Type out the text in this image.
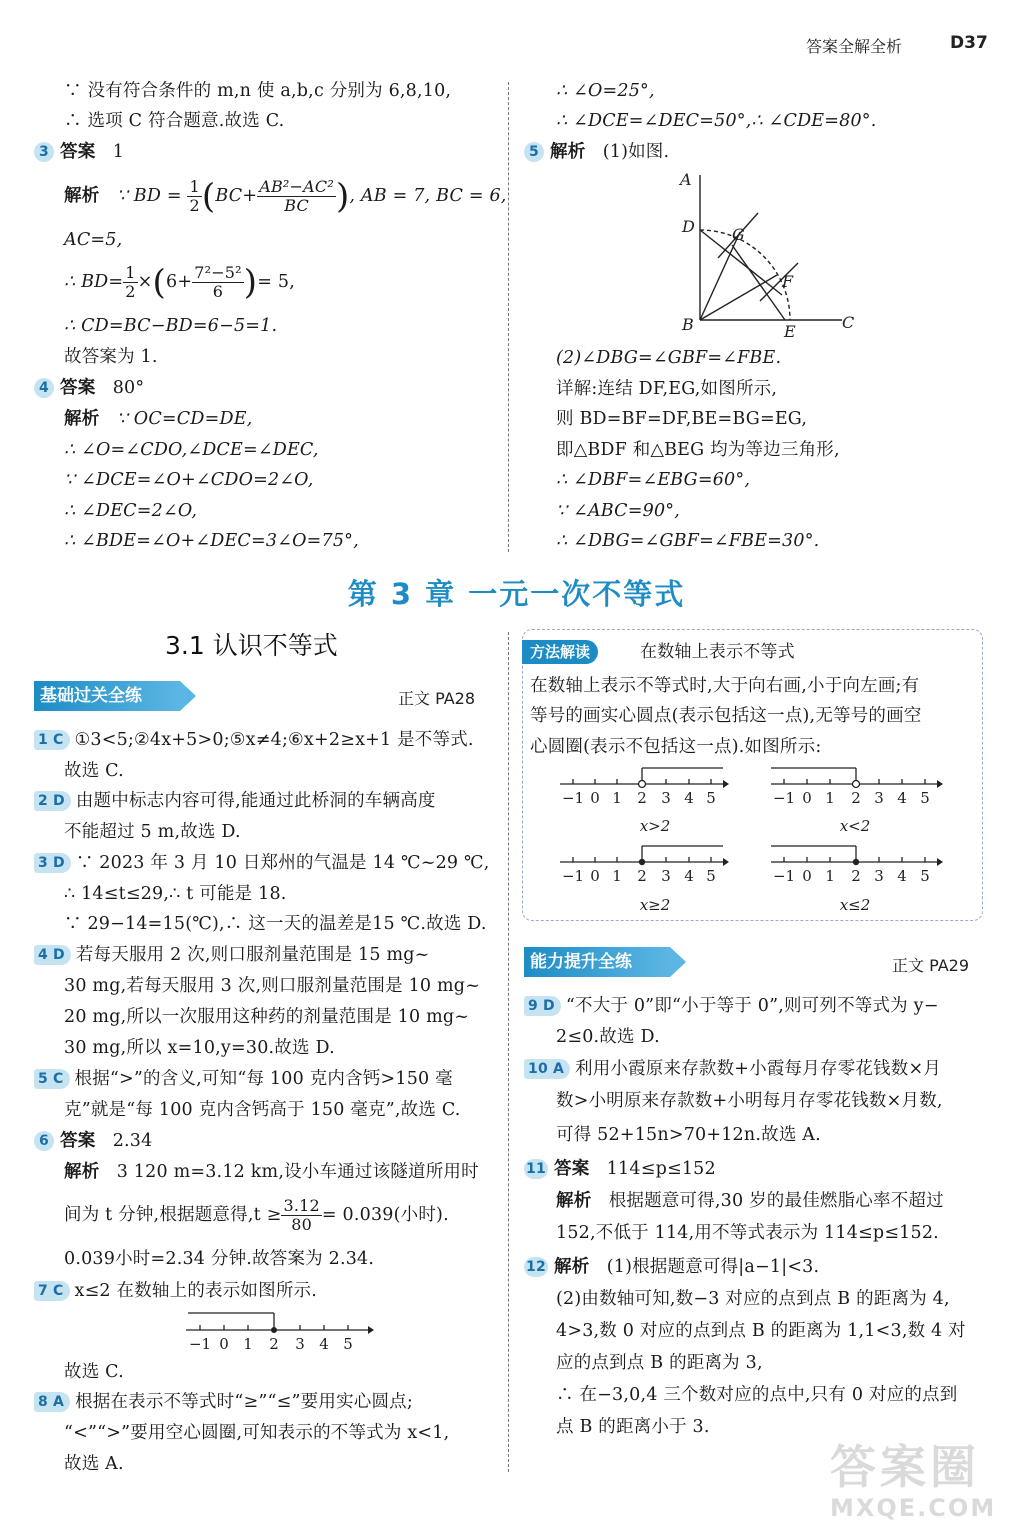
答案全解全析	D37
∵ 没有符合条件的 m,n 使 a,b,c 分别为 6,8,10,
∴ 选项 C 符合题意.故选 C.
3 答案 1
解析 ∵ BD = $\frac{1}{2} (BC+ \frac{\text{AB²−AC²}}{BC}$ ), AB = 7, BC = 6,
AC=5,
∴ $BD= \frac{1}{2} \times(6+ \frac{\text{7²−5²}}{6}$ )= 5,
∴ CD=BC−BD=6−5=1.
故答案为 1.
4 答案 80°
解析 ∵ OC=CD=DE,
∴ ∠O=∠CDO,∠DCE=∠DEC,
∵ ∠DCE=∠O+∠CDO=2∠O,
∴ ∠DEC=2∠O,
∴ ∠BDE=∠O+∠DEC=3∠O=75°,
∴ ∠O=25°,
∴ ∠DCE=∠DEC=50°,∴ ∠CDE=80°.
5 解析 (1)如图.
A
D G
F
B	E	C
(2)∠DBG=∠GBF=∠FBE.
详解:连结 DF,EG,如图所示,
则 BD=BF=DF,BE=BG=EG,
即△BDF 和△BEG 均为等边三角形,
∴ ∠DBF=∠EBG=60°,
∵ ∠ABC=90°,
∴ ∠DBG=∠GBF=∠FBE=30°.
第 3 章 一元一次不等式
3.1 认识不等式
基础过关全练	正文 PA28
1 C ①3<5;②4x+5>0;⑤x≠4;⑥x+2≥x+1 是不等式.
故选 C.
2 D 由题中标志内容可得,能通过此桥洞的车辆高度
不能超过 5 m,故选 D.
3 D ∵ 2023 年 3 月 10 日郑州的气温是 14 ℃~29 ℃,
∴ 14≤t≤29,∴ t 可能是 18.
∵ 29−14=15(℃),∴ 这一天的温差是15 ℃.故选 D.
4 D 若每天服用 2 次,则口服剂量范围是 15 mg~
30 mg,若每天服用 3 次,则口服剂量范围是 10 mg~
20 mg,所以一次服用这种药的剂量范围是 10 mg~
30 mg,所以 x=10,y=30.故选 D.
5 C 根据“>”的含义,可知“每 100 克内含钙>150 毫
克”就是“每 100 克内含钙高于 150 毫克”,故选 C.
6 答案 2.34
解析 3 120 m=3.12 km,设小车通过该隧道所用时
间为 t 分钟,根据题意得$,t \ge \frac{3.12}{80} = 0.039$(小时).
0.039小时=2.34 分钟.故答案为 2.34.
7 C x≤2 在数轴上的表示如图所示.
−1 0 1 2 3 4 5
故选 C.
8 A 根据在表示不等式时“≥”“≤”要用实心圆点;
“<”“>”要用空心圆圈,可知表示的不等式为 x<1,
故选 A.
方法解读	在数轴上表示不等式
在数轴上表示不等式时,大于向右画,小于向左画;有
等号的画实心圆点(表示包括这一点),无等号的画空
心圆圈(表示不包括这一点).如图所示:
−1 0 1 2 3 4 5	−1 0 1 2 3 4 5
−1 0 1 2 3 4 5	−1 0 1 2 3 4 5
x>2	x<2
x≥2	x≤2
能力提升全练	正文 PA29
9 D “不大于 0”即“小于等于 0”,则可列不等式为 y−
2≤0.故选 D.
10 A 利用小霞原来存款数+小霞每月存零花钱数×月
数>小明原来存款数+小明每月存零花钱数×月数,
可得 52+15n>70+12n.故选 A.
11 答案 114≤p≤152
解析 根据题意可得,30 岁的最佳燃脂心率不超过
152,不低于 114,用不等式表示为 114≤p≤152.
12 解析 (1)根据题意可得|a−1|<3.
(2)由数轴可知,数−3 对应的点到点 B 的距离为 4,
4>3,数 0 对应的点到点 B 的距离为 1,1<3,数 4 对
应的点到点 B 的距离为 3,
∴ 在−3,0,4 三个数对应的点中,只有 0 对应的点到
点 B 的距离小于 3.
答案圈
MXQE.COM
